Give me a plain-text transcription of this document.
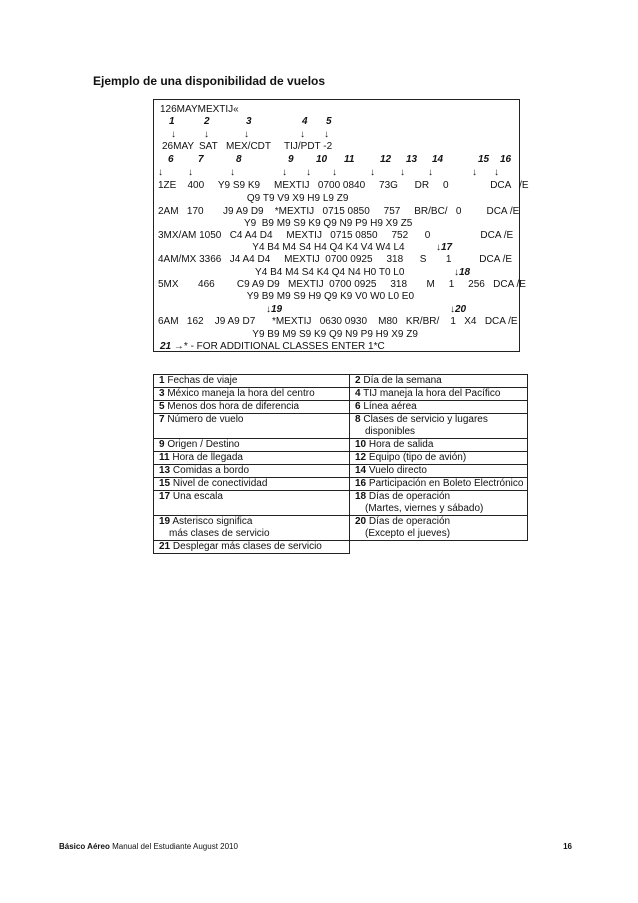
Ejemplo de una disponibilidad de vuelos

126MAYMEXTIJ«

1
↓
2
↓
3
↓
4
↓
5
↓
26MAY SAT MEX/CDT TIJ/PDT -2
6
↓
7
↓
8
↓
9
↓
10
↓
11
↓
12
↓
13
↓
14
↓
15
↓
16
↓
1ZE    400     Y9 S9 K9     MEXTIJ   0700 0840     73G      DR     0               DCA   /E
Q9 T9 V9 X9 H9 L9 Z9
2AM   170       J9 A9 D9    *MEXTIJ   0715 0850     757     BR/BC/   0         DCA /E
Y9  B9 M9 S9 K9 Q9 N9 P9 H9 X9 Z5
3MX/AM 1050   C4 A4 D4     MEXTIJ   0715 0850     752      0                  DCA /E
Y4 B4 M4 S4 H4 Q4 K4 V4 W4 L4
4AM/MX 3366   J4 A4 D4     MEXTIJ  0700 0925     318      S       1          DCA /E
Y4 B4 M4 S4 K4 Q4 N4 H0 T0 L0
5MX       466        C9 A9 D9   MEXTIJ  0700 0925     318       M     1     256   DCA /E
Y9 B9 M9 S9 H9 Q9 K9 V0 W0 L0 E0
6AM   162    J9 A9 D7      *MEXTIJ   0630 0930    M80   KR/BR/    1   X4   DCA /E
Y9 B9 M9 S9 K9 Q9 N9 P9 H9 X9 Z9
↓17
↓18
↓19	↓20
21 →* - FOR ADDITIONAL CLASSES ENTER 1*C
1 Fechas de viaje	2 Día de la semana
3 México maneja la hora del centro	4 TIJ maneja la hora del Pacífico
5 Menos dos hora de diferencia	6 Línea aérea
7 Número de vuelo	8 Clases de servicio y lugares
disponibles

9 Origen / Destino	10 Hora de salida
11 Hora de llegada	12 Equipo (tipo de avión)
13 Comidas a bordo	14 Vuelo directo
15 Nivel de conectividad	16 Participación en Boleto Electrónico
17 Una escala	18 Días de operación
(Martes, viernes y sábado)

19 Asterisco significa
más clases de servicio	20 Días de operación
(Excepto el jueves)

21 Desplegar más clases de servicio	
Básico Aéreo Manual del Estudiante August 2010	16
